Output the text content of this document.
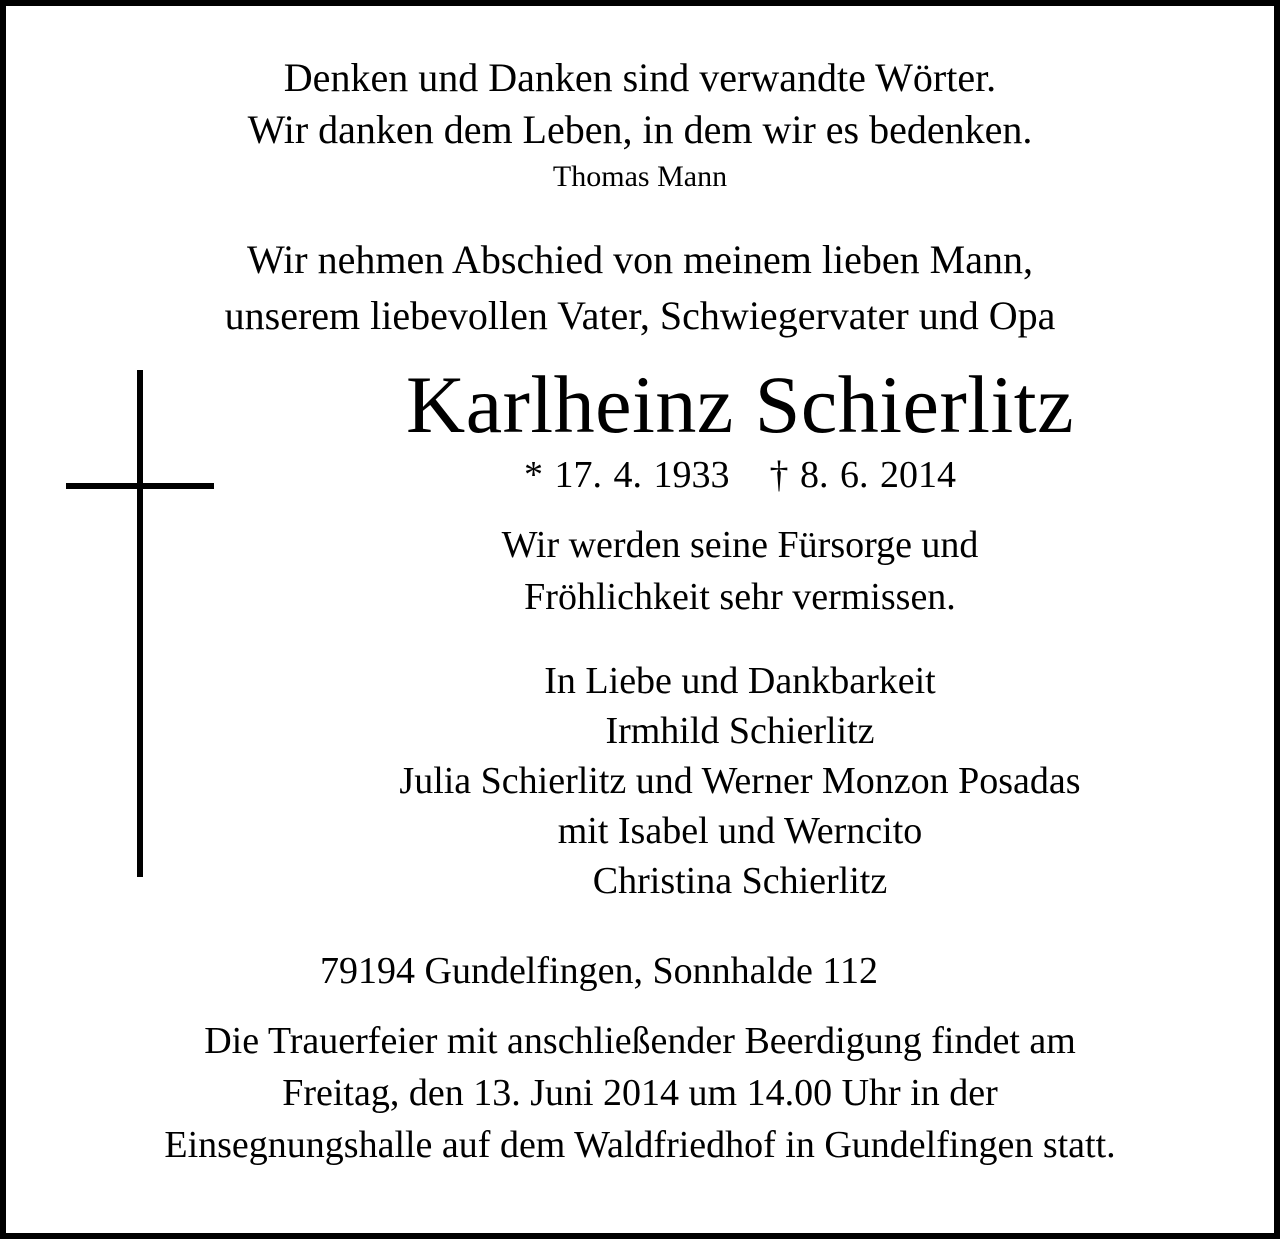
Denken und Danken sind verwandte Wörter.
Wir danken dem Leben, in dem wir es bedenken.
Thomas Mann
Wir nehmen Abschied von meinem lieben Mann,
unserem liebevollen Vater, Schwiegervater und Opa
Karlheinz Schierlitz
* 17. 4. 1933 † 8. 6. 2014
Wir werden seine Fürsorge und
Fröhlichkeit sehr vermissen.
In Liebe und Dankbarkeit
Irmhild Schierlitz
Julia Schierlitz und Werner Monzon Posadas
mit Isabel und Werncito
Christina Schierlitz
79194 Gundelfingen, Sonnhalde 112
Die Trauerfeier mit anschließender Beerdigung findet am
Freitag, den 13. Juni 2014 um 14.00 Uhr in der
Einsegnungshalle auf dem Waldfriedhof in Gundelfingen statt.
